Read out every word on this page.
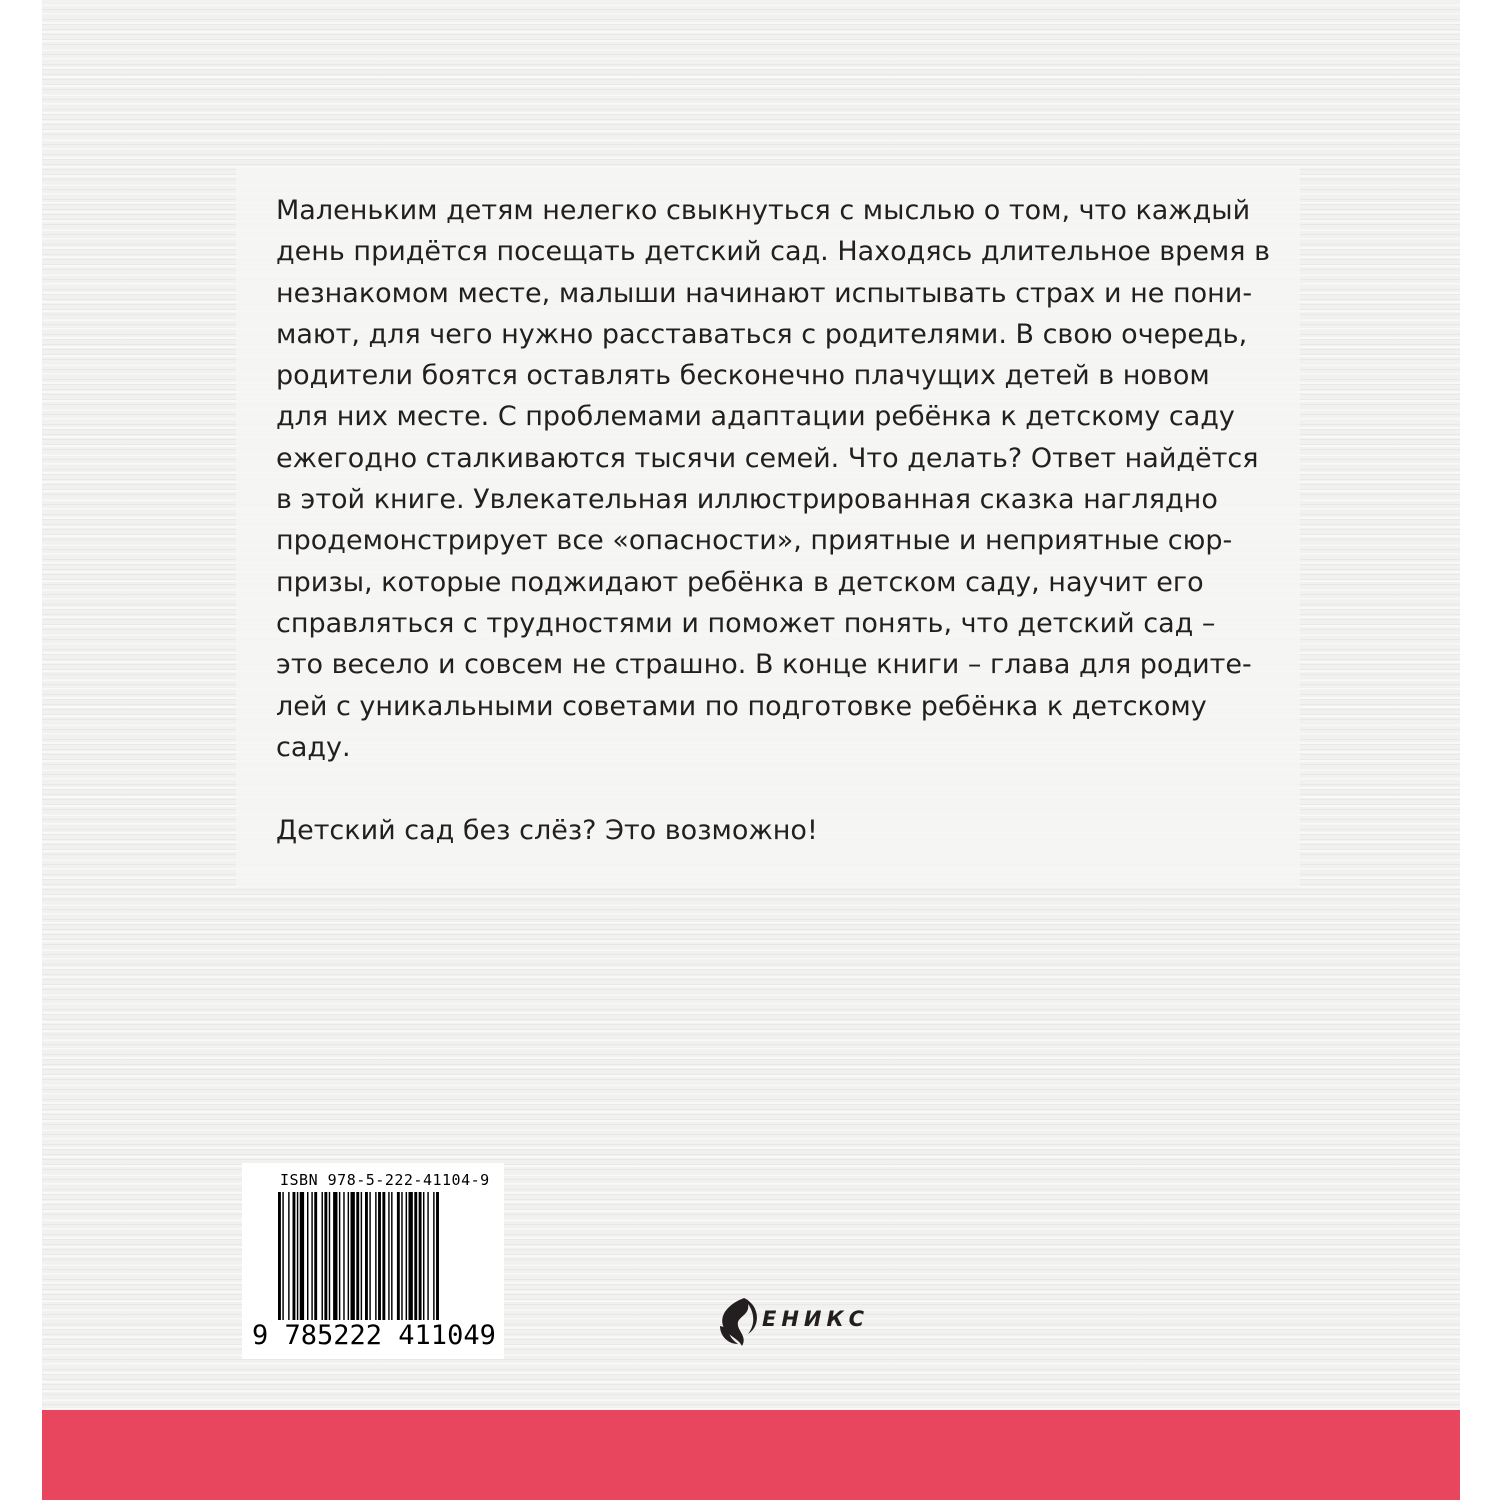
Маленьким детям нелегко свыкнуться с мыслью о том, что каждый
день придётся посещать детский сад. Находясь длительное время в
незнакомом месте, малыши начинают испытывать страх и не пони-
мают, для чего нужно расставаться с родителями. В свою очередь,
родители боятся оставлять бесконечно плачущих детей в новом
для них месте. С проблемами адаптации ребёнка к детскому саду
ежегодно сталкиваются тысячи семей. Что делать? Ответ найдётся
в этой книге. Увлекательная иллюстрированная сказка наглядно
продемонстрирует все «опасности», приятные и неприятные сюр-
призы, которые поджидают ребёнка в детском саду, научит его
справляться с трудностями и поможет понять, что детский сад –
это весело и совсем не страшно. В конце книги – глава для родите-
лей с уникальными советами по подготовке ребёнка к детскому
саду.

Детский сад без слёз? Это возможно!

ISBN 978-5-222-41104-9
9 785222 411049
ЕНИКС
